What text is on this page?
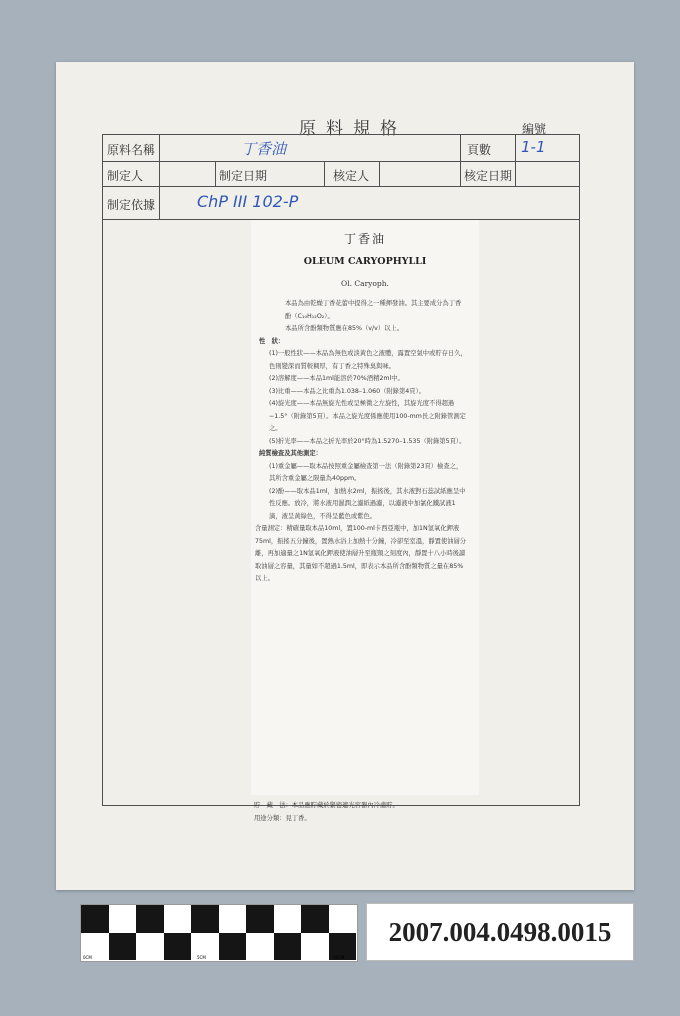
原料規格	編號
原料名稱	丁香油	頁數 1-1
制定人	制定日期	核定人	核定日期
制定依據	ChP III 102-P
丁香油
OLEUM CARYOPHYLLI
Ol. Caryoph.

本品為由乾燥丁香花蕾中提得之一種揮發油。其主要成分為丁香酚（C₁₀H₁₂O₂）。

本品所含酚類物質應在85%（v/v）以上。

性　狀：

(1)一般性狀——本品為無色或淡黃色之液體，露置空氣中或貯存日久，色則變深而質較稠厚，有丁香之特殊臭與味。

(2)溶解度——本品1ml能溶於70%酒精2ml中。

(3)比重——本品之比重為1.038–1.060（附錄第4頁）。

(4)旋光度——本品無旋光性或呈極微之左旋性，其旋光度不得超過−1.5°（附錄第5頁）。本品之旋光度係應使用100-mm長之附錄管測定之。

(5)折光率——本品之折光率於20°時為1.5270–1.535（附錄第5頁）。

純質檢查及其他測定：

(1)重金屬——取本品按照重金屬檢查第一法（附錄第23頁）檢查之，其所含重金屬之限量為40ppm。

(2)酚——取本品1ml，加熱水2ml，振搖後，其水液對石蕊試紙應呈中性反應。放冷，將水液用濕潤之濾紙過濾，以濾液中加氯化鐵試液1滴，液呈黃綠色，不得呈藍色或紫色。

含量測定：精確量取本品10ml，置100-ml卡西亞瓶中，加1N氫氧化鉀液75ml，振搖五分鐘後，置熱水浴上加熱十分鐘，冷卻至室溫，靜置使油層分離，再加適量之1N氫氧化鉀液使油層升至瓶頸之刻度內，靜置十八小時後讀取油層之容量，其量如不超過1.5ml，即表示本品所含酚類物質之量在85%以上。

貯　藏　法：本品應貯藏於緊密遮光容器內冷處貯。
用途分類：見丁香。
0CM	5CM	10CM
2007.004.0498.0015
